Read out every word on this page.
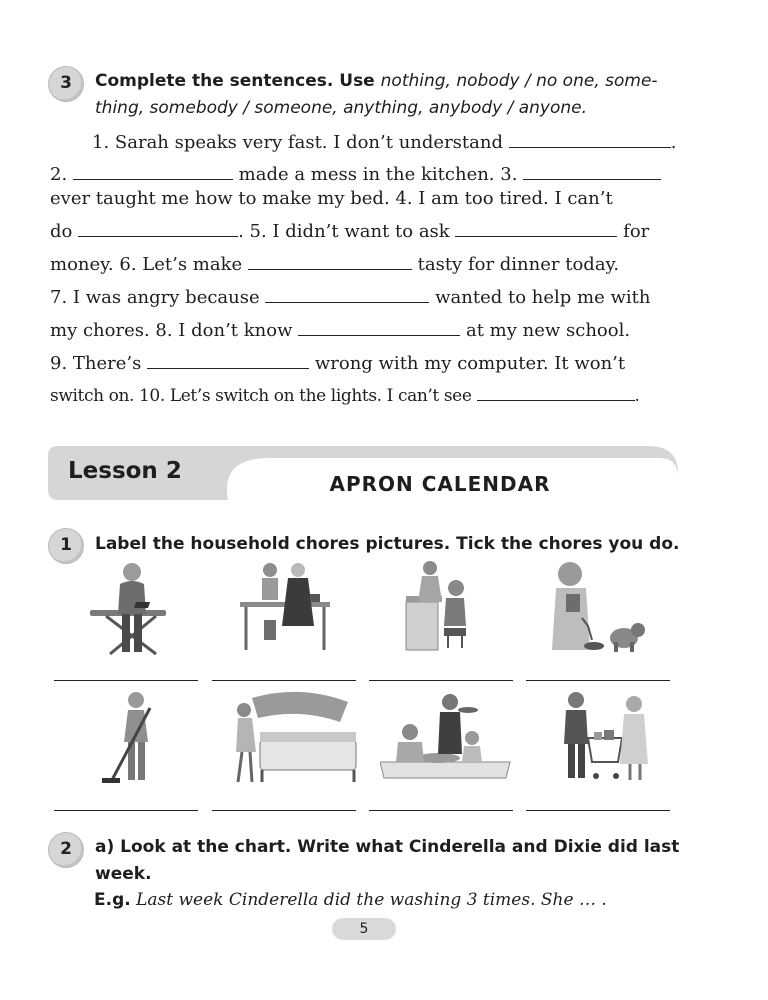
3	Complete the sentences. Use nothing, nobody / no one, some-
thing, somebody / someone, anything, anybody / anyone.
1. Sarah speaks very fast. I don’t understand	.
2.	made a mess in the kitchen. 3.
ever taught me how to make my bed. 4. I am too tired. I can’t
do	. 5. I didn’t want to ask	for
money. 6. Let’s make	tasty for dinner today.
7. I was angry because	wanted to help me with
my chores. 8. I don’t know	at my new school.
9. There’s	wrong with my computer. It won’t
switch on. 10. Let’s switch on the lights. I can’t see	.
Lesson 2	APRON CALENDAR
1	Label the household chores pictures. Tick the chores you do.
2	a) Look at the chart. Write what Cinderella and Dixie did last
week.
E.g. Last week Cinderella did the washing 3 times. She … .
5
